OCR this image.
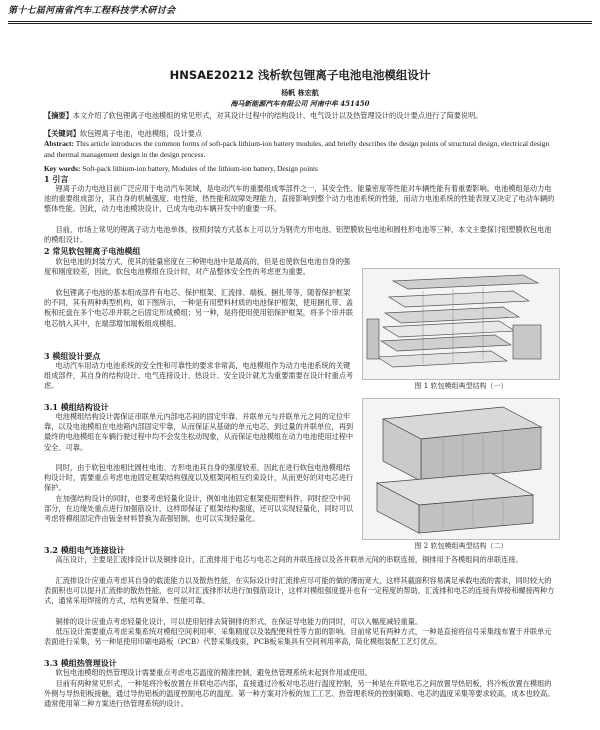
第十七届河南省汽车工程科技学术研讨会
HNSAE20212 浅析软包锂离子电池电池模组设计
杨帆 栋宏航
海马新能源汽车有限公司 河南中牟 451450
【摘要】本文介绍了软包锂离子电池模组的常见形式，对其设计过程中的结构设计、电气设计以及热管理设计的设计要点进行了简要说明。
【关键词】软包锂离子电池，电池模组，设计要点
Abstract: This article introduces the common forms of soft-pack lithium-ion battery modules, and briefly describes the design points of structural design, electrical design and thermal management design in the design process.
Key words: Soft-pack lithium-ion battery, Modules of the lithium-ion battery, Design points
1 引言
锂离子动力电池目前广泛应用于电动汽车领域，是电动汽车的重要组成零部件之一，其安全性、能量密度等性能对车辆性能有着重要影响。电池模组是动力电池的重要组成部分，其自身的机械强度、电性能、热性能和故障处理能力，直接影响到整个动力电池系统的性能，而动力电池系统的性能表现又决定了电动车辆的整体性能。因此，动力电池模块设计，已成为电动车辆开发中的重要一环。
目前，市场上常见的锂离子动力电池单体，按照封装方式基本上可以分为钢壳方形电池、铝塑膜软包电池和圆柱形电池等三种，本文主要探讨铝塑膜软包电池的模组设计。
2 常见软包锂离子电池模组
软包电池的封装方式，使其的能量密度在三种锂电池中是最高的，但是也使软包电池自身的强度和刚度较差，因此，软包电池模组在设计时，对产品整体安全性的考虑更为重要。
软包锂离子电池的基本组成部件有电芯、保护框架、汇流排、端板、捆扎带等，随着保护框架的不同，其有两种典型机构，如下图所示，一种是有用塑料材质的电池保护框架，使用捆扎带、盖板和托盘在多个电芯串并联之后固定形成模组；另一种，是将使用使用铝保护框架，将多个串并联电芯纳入其中，在端部增加端板组成模组。
3 模组设计要点
电动汽车用动力电池系统的安全性和可靠性的要求非常高，电池模组作为动力电池系统的关键组成部件，其自身的结构设计、电气连接设计、热设计、安全设计就尤为重要需要在设计时重点考虑。
3.1 模组结构设计
电池模组结构设计需保证串联单元内部电芯间的固定牢靠、并联单元与并联单元之间的定位牢靠，以及电池模组在电池箱内部固定牢靠，从而保证从基础的单元电芯，到过量的并联单位，再到最终的电池模组在车辆行驶过程中均不会发生松动现象，从而保证电池模组在动力电池使用过程中安全、可靠。
同时，由于软包电池相比圆柱电池、方形电池其自身的强度较差，因此在进行软包电池模组结构设计时，需要重点考虑电池固定框架结构强度以及框架间相互约束设计，从而更好的对电芯进行保护。
在加强结构设计的同时，也要考虑轻量化设计，例如电池固定框架使用塑料件，同时挖空中间部分，在边缘处重点进行加强筋设计，这样即保证了框架结构强度，还可以实现轻量化，同时可以考虑将模组固定件由钣金材料替换为高强铝制，也可以实现轻量化。
3.2 模组电气连接设计
高压设计，主要是汇流排设计以及铜排设计，汇流排用于电芯与电芯之间的并联连接以及各并联单元间的串联连接，铜排用于各模组间的串联连接。
汇流排设计应重点考虑其自身的载流能力以及散热性能，在实际设计时汇流排应尽可能的做的薄而宽大，这样其截面积容易满足承载电流的需求，同时较大的表面积也可以提升汇流排的散热性能，也可以对汇流排形状进行加强筋设计，这样对模组强度提升也有一定程度的帮助，汇流排和电芯的连接有焊接和螺接两种方式，通常采用焊接的方式，结构更简单、性能可靠。
铜排的设计应重点考虑轻量化设计，可以使用铝排去简铜排的形式，在保证导电能力的同时，可以入幅度减轻重量。
低压设计需要重点考虑采集系统对模组空间利用率、采集精度以及装配便利性等方面的影响。目前常见有两种方式，一种是直接将信号采集线布置于并联单元表面进行采集，另一种是使用印刷电路板（PCB）代替采集线束，PCB板采集具有空间利用率高，简化模组装配工艺灯优点。
3.3 模组热管理设计
软包电池模组的热管理设计需要重点考虑电芯温度的精准控制，避免热管理系统未起到作用或使用。
目前有两种常见形式，一种是将冷板放置在并联电芯内部，直接通过冷板对电芯进行温度控制，另一种是在并联电芯之间放置导热铝板，将冷板放置在模组的外侧与导热铝板接触，通过导热铝板的温度控制电芯的温度。第一种方案对冷板的加工工艺、热管理系统的控制策略、电芯的温度采集等要求较高，成本也较高。通常使用第二种方案进行热管理系统的设计。
图 1 软包模组典型结构（一）
图 2 软包模组典型结构（二）
